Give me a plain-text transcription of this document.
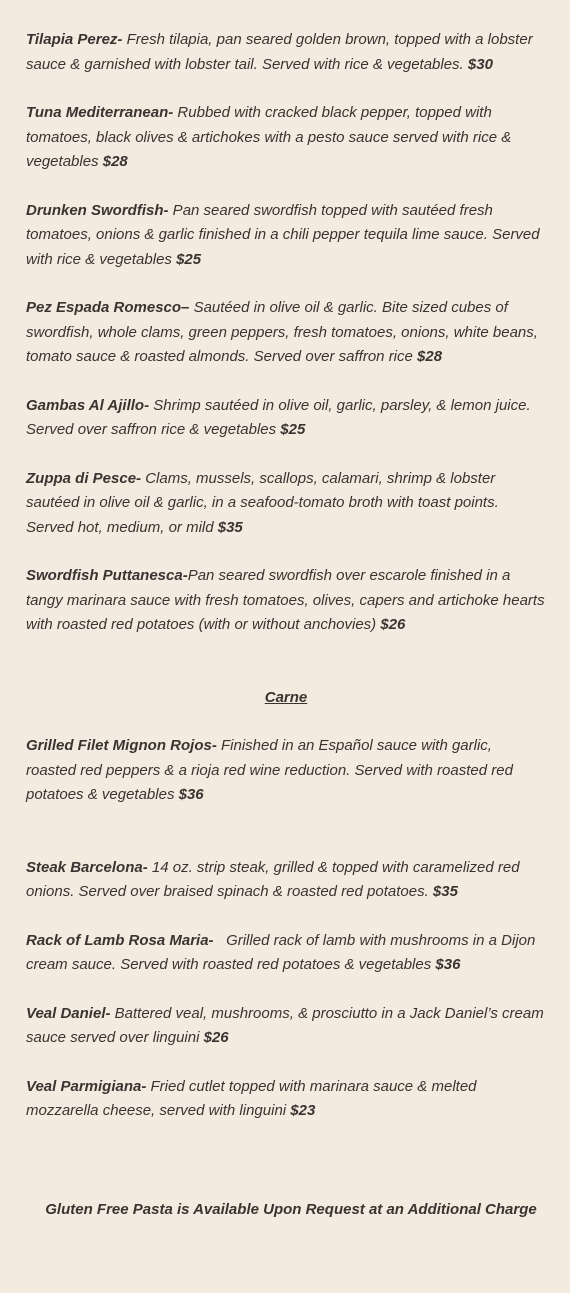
Tilapia Perez- Fresh tilapia, pan seared golden brown, topped with a lobster sauce & garnished with lobster tail. Served with rice & vegetables. $30
Tuna Mediterranean- Rubbed with cracked black pepper, topped with tomatoes, black olives & artichokes with a pesto sauce served with rice & vegetables $28
Drunken Swordfish- Pan seared swordfish topped with sautéed fresh tomatoes, onions & garlic finished in a chili pepper tequila lime sauce. Served with rice & vegetables $25
Pez Espada Romesco– Sautéed in olive oil & garlic. Bite sized cubes of swordfish, whole clams, green peppers, fresh tomatoes, onions, white beans, tomato sauce & roasted almonds. Served over saffron rice $28
Gambas Al Ajillo- Shrimp sautéed in olive oil, garlic, parsley, & lemon juice. Served over saffron rice & vegetables $25
Zuppa di Pesce- Clams, mussels, scallops, calamari, shrimp & lobster sautéed in olive oil & garlic, in a seafood-tomato broth with toast points. Served hot, medium, or mild $35
Swordfish Puttanesca-Pan seared swordfish over escarole finished in a tangy marinara sauce with fresh tomatoes, olives, capers and artichoke hearts with roasted red potatoes (with or without anchovies) $26
Carne
Grilled Filet Mignon Rojos- Finished in an Español sauce with garlic, roasted red peppers & a rioja red wine reduction. Served with roasted red potatoes & vegetables $36
Steak Barcelona- 14 oz. strip steak, grilled & topped with caramelized red onions. Served over braised spinach & roasted red potatoes. $35
Rack of Lamb Rosa Maria-   Grilled rack of lamb with mushrooms in a Dijon cream sauce. Served with roasted red potatoes & vegetables $36
Veal Daniel- Battered veal, mushrooms, & prosciutto in a Jack Daniel’s cream sauce served over linguini $26
Veal Parmigiana- Fried cutlet topped with marinara sauce & melted mozzarella cheese, served with linguini $23
Gluten Free Pasta is Available Upon Request at an Additional Charge
